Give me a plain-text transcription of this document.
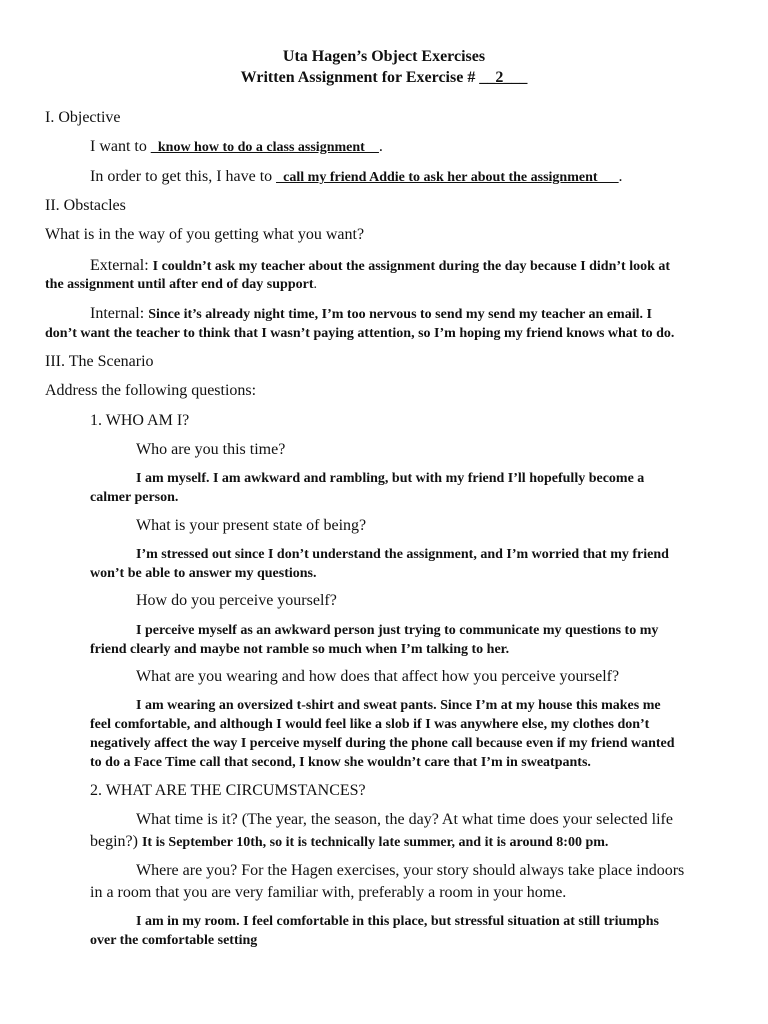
Uta Hagen’s Object Exercises
Written Assignment for Exercise # __2___
I. Objective
I want to _know how to do a class assignment__.
In order to get this, I have to _call my friend Addie to ask her about the assignment___.
II. Obstacles
What is in the way of you getting what you want?
External: I couldn’t ask my teacher about the assignment during the day because I didn’t look at
the assignment until after end of day support.
Internal: Since it’s already night time, I’m too nervous to send my send my teacher an email. I
don’t want the teacher to think that I wasn’t paying attention, so I’m hoping my friend knows what to do.
III. The Scenario
Address the following questions:
1. WHO AM I?
Who are you this time?
I am myself. I am awkward and rambling, but with my friend I’ll hopefully become a
calmer person.
What is your present state of being?
I’m stressed out since I don’t understand the assignment, and I’m worried that my friend
won’t be able to answer my questions.
How do you perceive yourself?
I perceive myself as an awkward person just trying to communicate my questions to my
friend clearly and maybe not ramble so much when I’m talking to her.
What are you wearing and how does that affect how you perceive yourself?
I am wearing an oversized t-shirt and sweat pants. Since I’m at my house this makes me
feel comfortable, and although I would feel like a slob if I was anywhere else, my clothes don’t
negatively affect the way I perceive myself during the phone call because even if my friend wanted
to do a Face Time call that second, I know she wouldn’t care that I’m in sweatpants.
2. WHAT ARE THE CIRCUMSTANCES?
What time is it? (The year, the season, the day? At what time does your selected life
begin?) It is September 10th, so it is technically late summer, and it is around 8:00 pm.
Where are you? For the Hagen exercises, your story should always take place indoors
in a room that you are very familiar with, preferably a room in your home.
I am in my room. I feel comfortable in this place, but stressful situation at still triumphs
over the comfortable setting
